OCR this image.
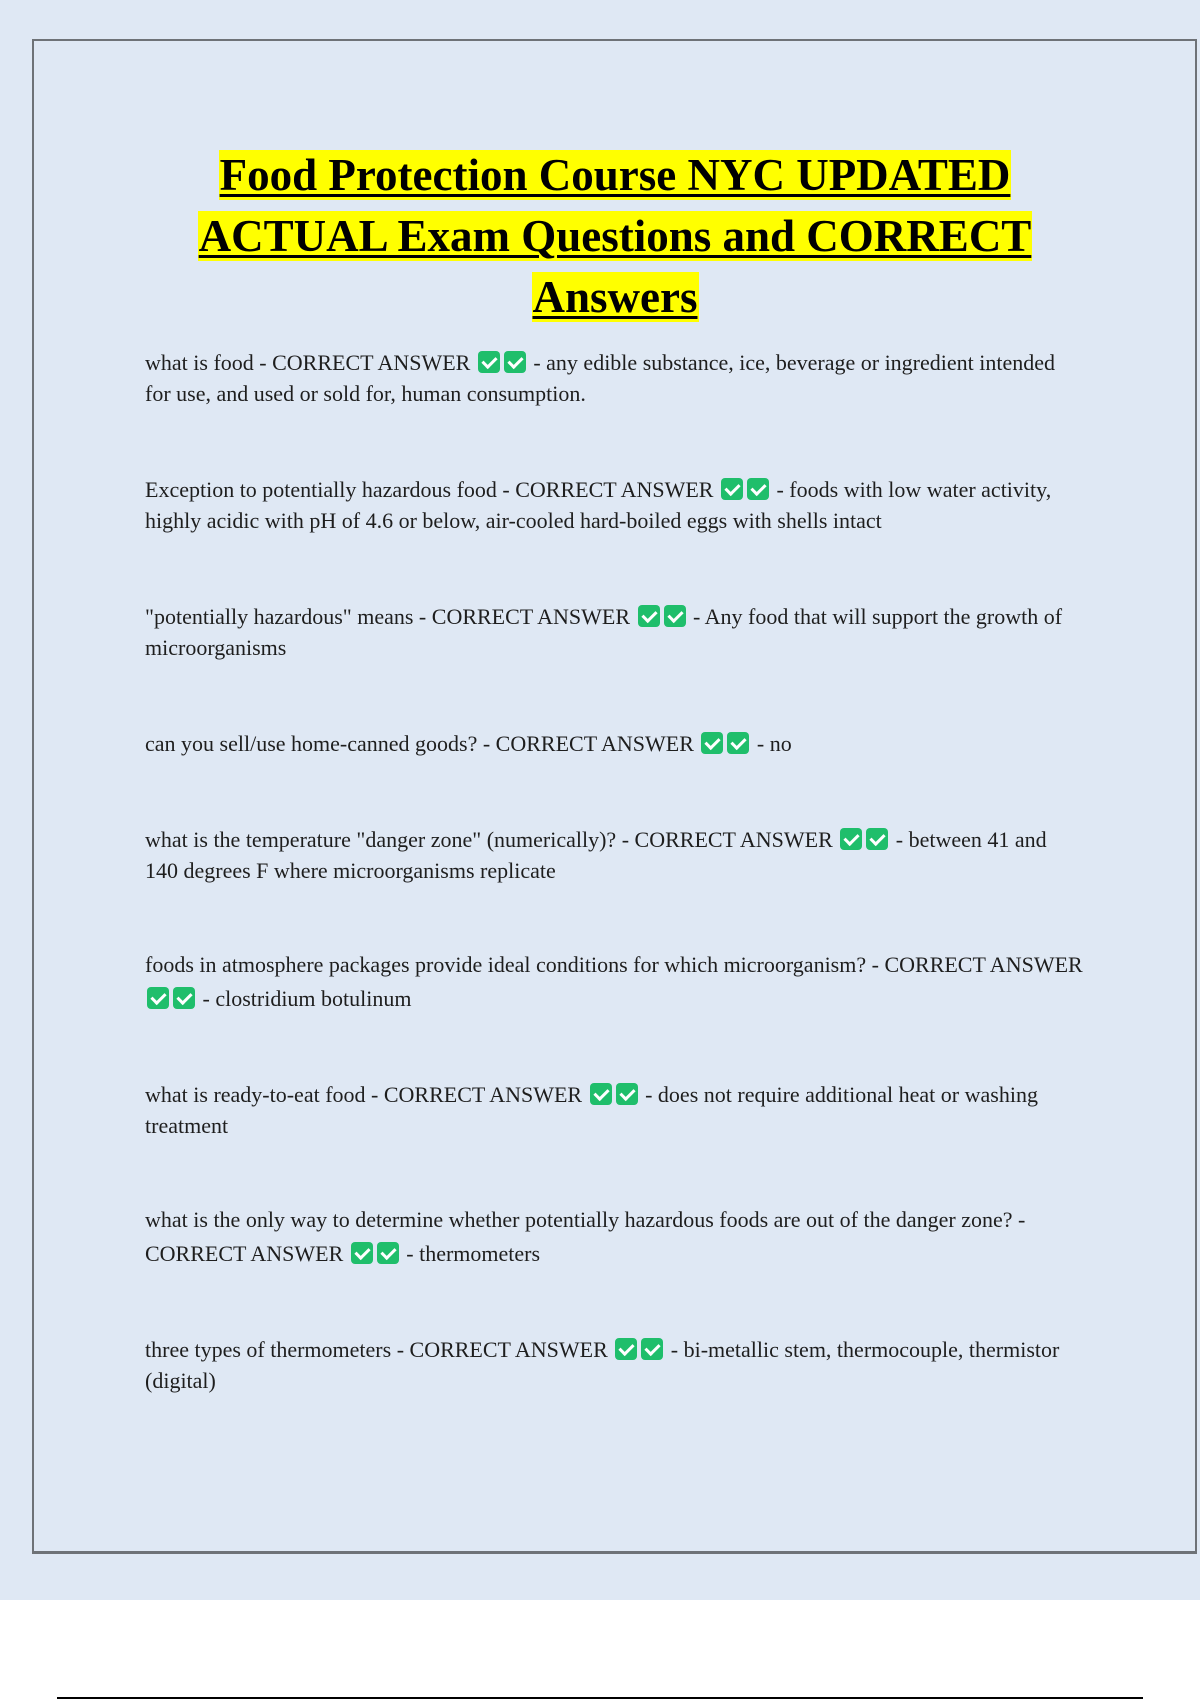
Food Protection Course NYC UPDATED ACTUAL Exam Questions and CORRECT Answers
what is food - CORRECT ANSWER	- any edible substance, ice, beverage or ingredient intended for use, and used or sold for, human consumption.
Exception to potentially hazardous food - CORRECT ANSWER	- foods with low water activity, highly acidic with pH of 4.6 or below, air-cooled hard-boiled eggs with shells intact
"potentially hazardous" means - CORRECT ANSWER	- Any food that will support the growth of microorganisms
can you sell/use home-canned goods? - CORRECT ANSWER	- no
what is the temperature "danger zone" (numerically)? - CORRECT ANSWER	- between 41 and 140 degrees F where microorganisms replicate
foods in atmosphere packages provide ideal conditions for which microorganism? - CORRECT ANSWER  - clostridium botulinum
what is ready-to-eat food - CORRECT ANSWER	- does not require additional heat or washing treatment
what is the only way to determine whether potentially hazardous foods are out of the danger zone? - CORRECT ANSWER	- thermometers
three types of thermometers - CORRECT ANSWER	- bi-metallic stem, thermocouple, thermistor (digital)
